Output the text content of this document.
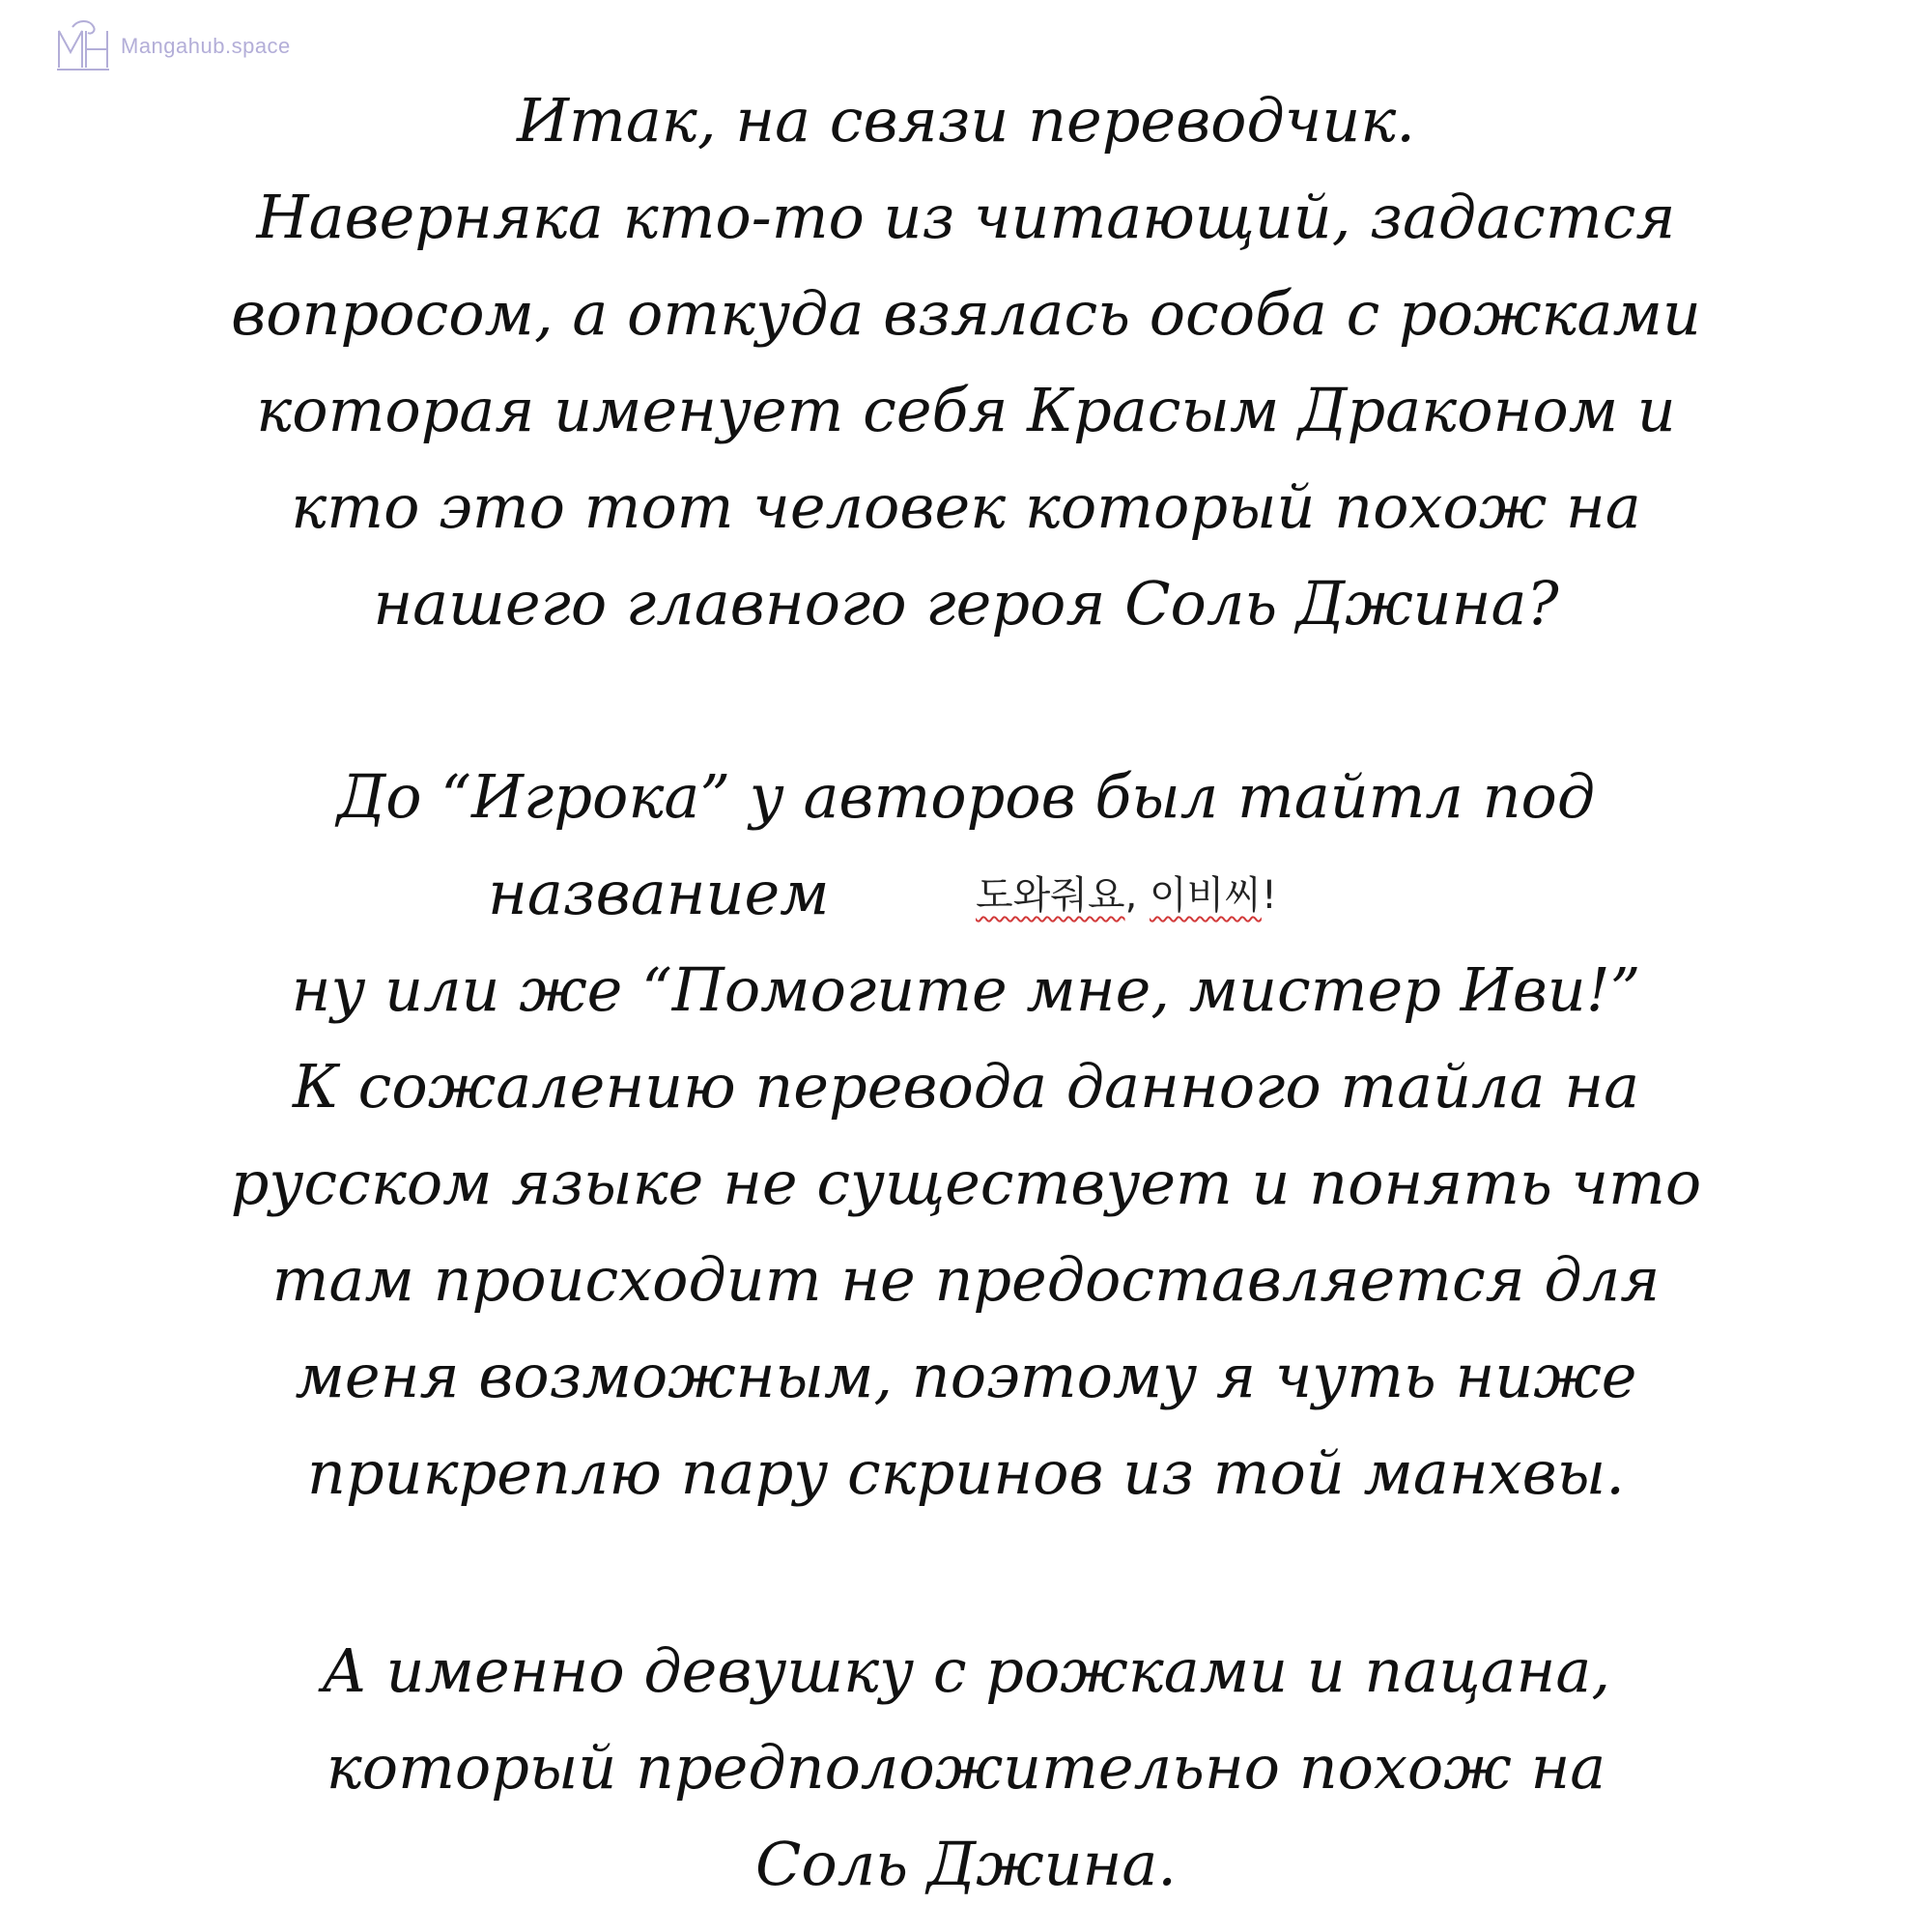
Mangahub.space
Итак, на связи переводчик.
Наверняка кто-то из читающий, задастся
вопросом, а откуда взялась особа с рожками
которая именует себя Красым Драконом и
кто это тот человек который похож на
нашего главного героя Соль Джина?
До “Игрока” у авторов был тайтл под
названием	도와줘요, 이비씨!
ну или же “Помогите мне, мистер Иви!”
К сожалению перевода данного тайла на
русском языке не существует и понять что
там происходит не предоставляется для
меня возможным, поэтому я чуть ниже
прикреплю пару скринов из той манхвы.
А именно девушку с рожками и пацана,
который предположительно похож на
Соль Джина.
